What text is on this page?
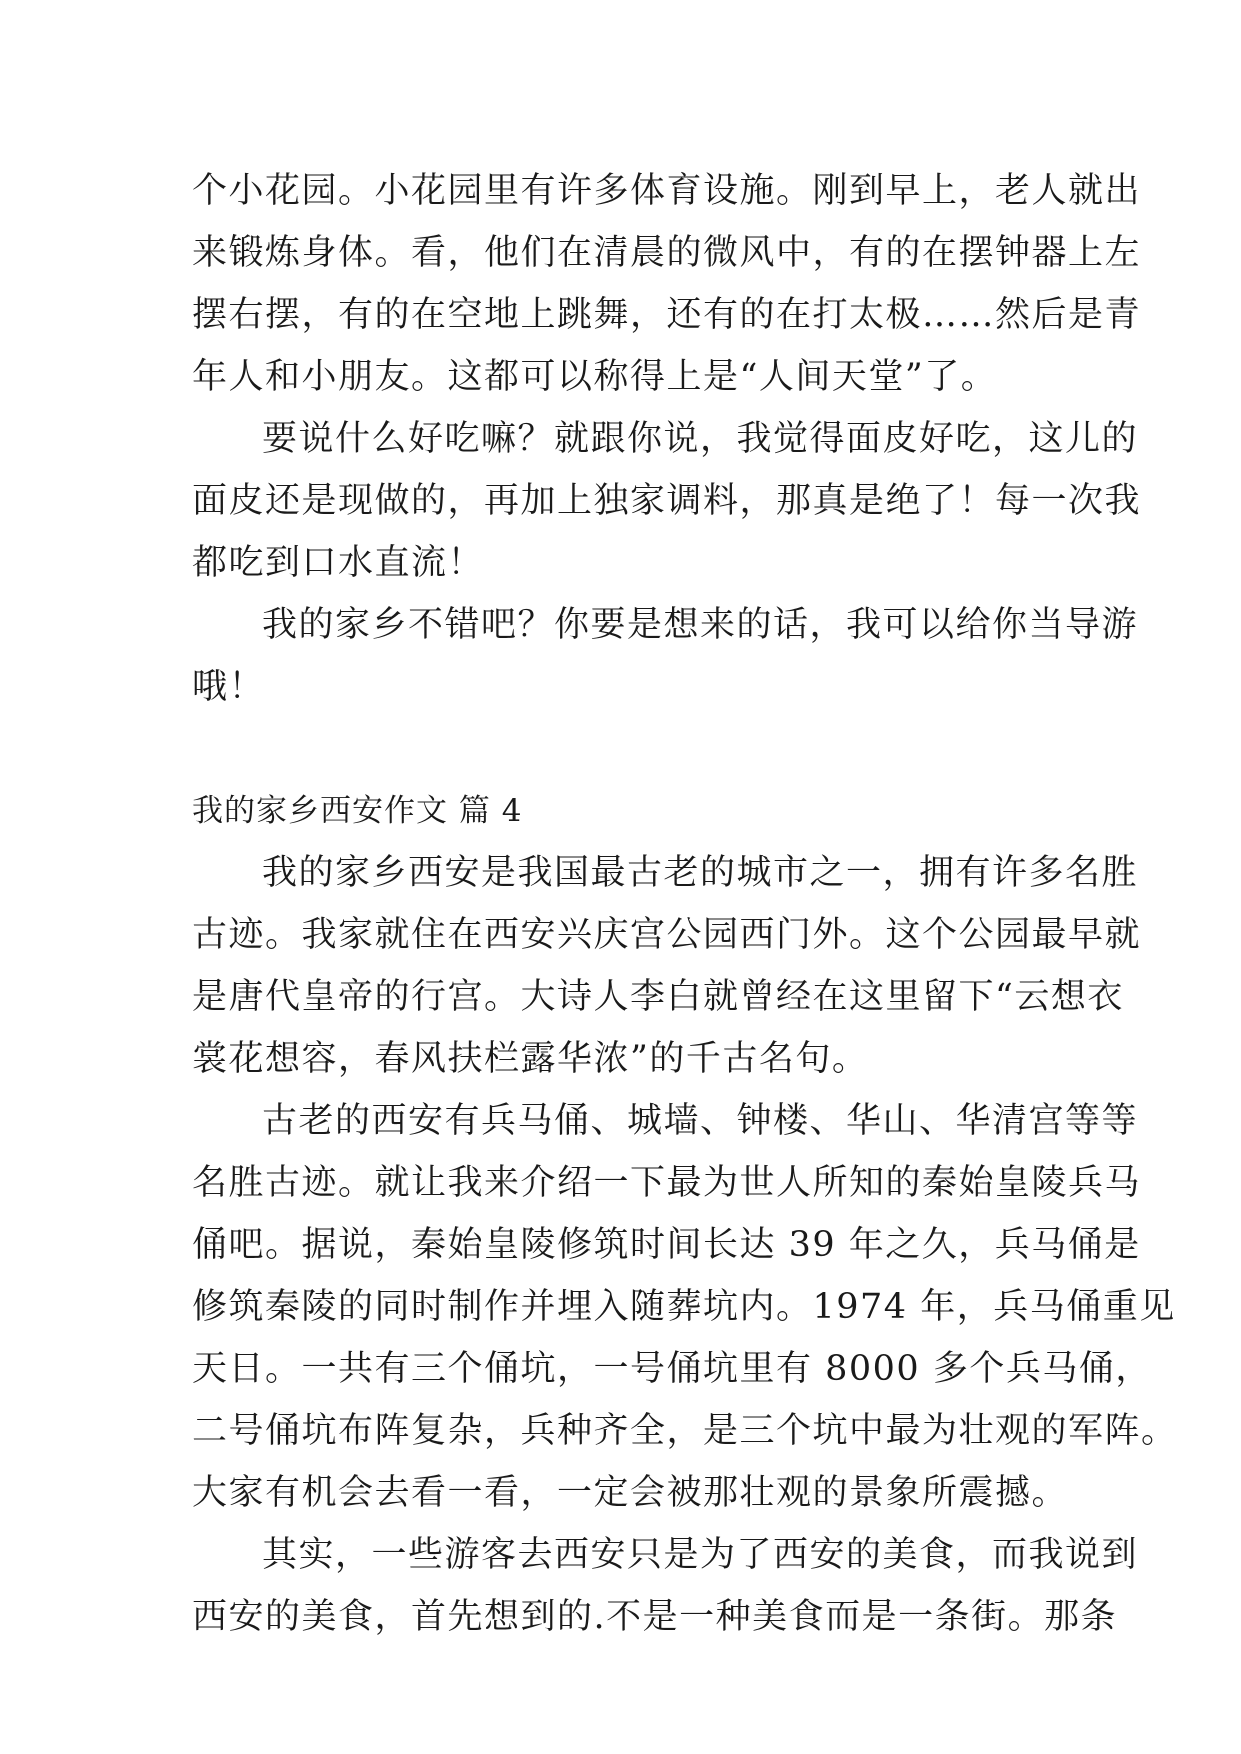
个小花园。小花园里有许多体育设施。刚到早上，老人就出
来锻炼身体。看，他们在清晨的微风中，有的在摆钟器上左
摆右摆，有的在空地上跳舞，还有的在打太极……然后是青
年人和小朋友。这都可以称得上是“人间天堂”了。
要说什么好吃嘛？就跟你说，我觉得面皮好吃，这儿的
面皮还是现做的，再加上独家调料，那真是绝了！每一次我
都吃到口水直流！
我的家乡不错吧？你要是想来的话，我可以给你当导游
哦！
我的家乡西安作文 篇 4
我的家乡西安是我国最古老的城市之一，拥有许多名胜
古迹。我家就住在西安兴庆宫公园西门外。这个公园最早就
是唐代皇帝的行宫。大诗人李白就曾经在这里留下“云想衣
裳花想容，春风扶栏露华浓”的千古名句。
古老的西安有兵马俑、城墙、钟楼、华山、华清宫等等
名胜古迹。就让我来介绍一下最为世人所知的秦始皇陵兵马
俑吧。据说，秦始皇陵修筑时间长达 39 年之久，兵马俑是
修筑秦陵的同时制作并埋入随葬坑内。1974 年，兵马俑重见
天日。一共有三个俑坑，一号俑坑里有 8000 多个兵马俑，
二号俑坑布阵复杂，兵种齐全，是三个坑中最为壮观的军阵。
大家有机会去看一看，一定会被那壮观的景象所震撼。
其实，一些游客去西安只是为了西安的美食，而我说到
西安的美食，首先想到的.不是一种美食而是一条街。那条
